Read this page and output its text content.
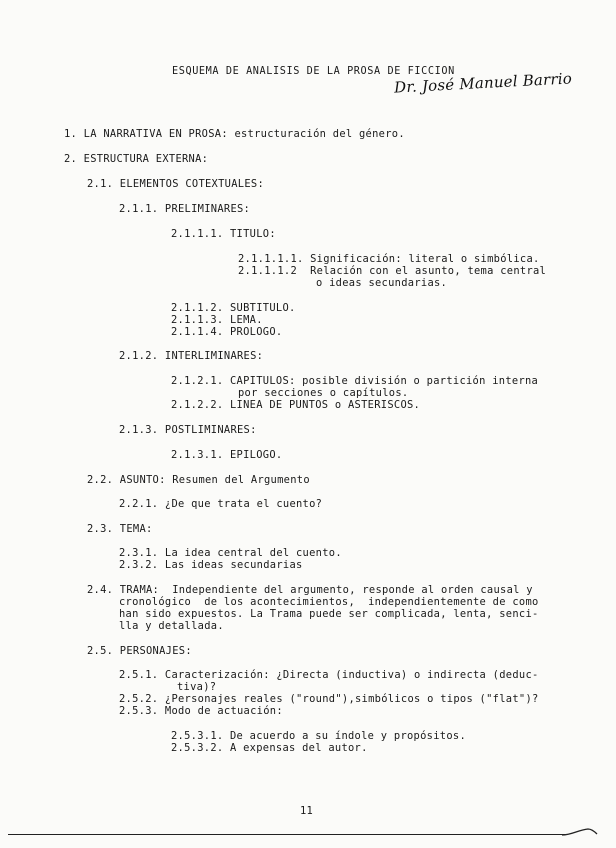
ESQUEMA DE ANALISIS DE LA PROSA DE FICCION
Dr. José Manuel Barrio
1. LA NARRATIVA EN PROSA: estructuración del género.
2. ESTRUCTURA EXTERNA:
2.1. ELEMENTOS COTEXTUALES:
2.1.1. PRELIMINARES:
2.1.1.1. TITULO:
2.1.1.1.1. Significación: literal o simbólica.
2.1.1.1.2  Relación con el asunto, tema central
o ideas secundarias.
2.1.1.2. SUBTITULO.
2.1.1.3. LEMA.
2.1.1.4. PROLOGO.
2.1.2. INTERLIMINARES:
2.1.2.1. CAPITULOS: posible división o partición interna
por secciones o capítulos.
2.1.2.2. LINEA DE PUNTOS o ASTERISCOS.
2.1.3. POSTLIMINARES:
2.1.3.1. EPILOGO.
2.2. ASUNTO: Resumen del Argumento
2.2.1. ¿De que trata el cuento?
2.3. TEMA:
2.3.1. La idea central del cuento.
2.3.2. Las ideas secundarias
2.4. TRAMA:  Independiente del argumento, responde al orden causal y
cronológico  de los acontecimientos,  independientemente de como
han sido expuestos. La Trama puede ser complicada, lenta, senci-
lla y detallada.
2.5. PERSONAJES:
2.5.1. Caracterización: ¿Directa (inductiva) o indirecta (deduc-
tiva)?
2.5.2. ¿Personajes reales ("round"),simbólicos o tipos ("flat")?
2.5.3. Modo de actuación:
2.5.3.1. De acuerdo a su índole y propósitos.
2.5.3.2. A expensas del autor.
11
